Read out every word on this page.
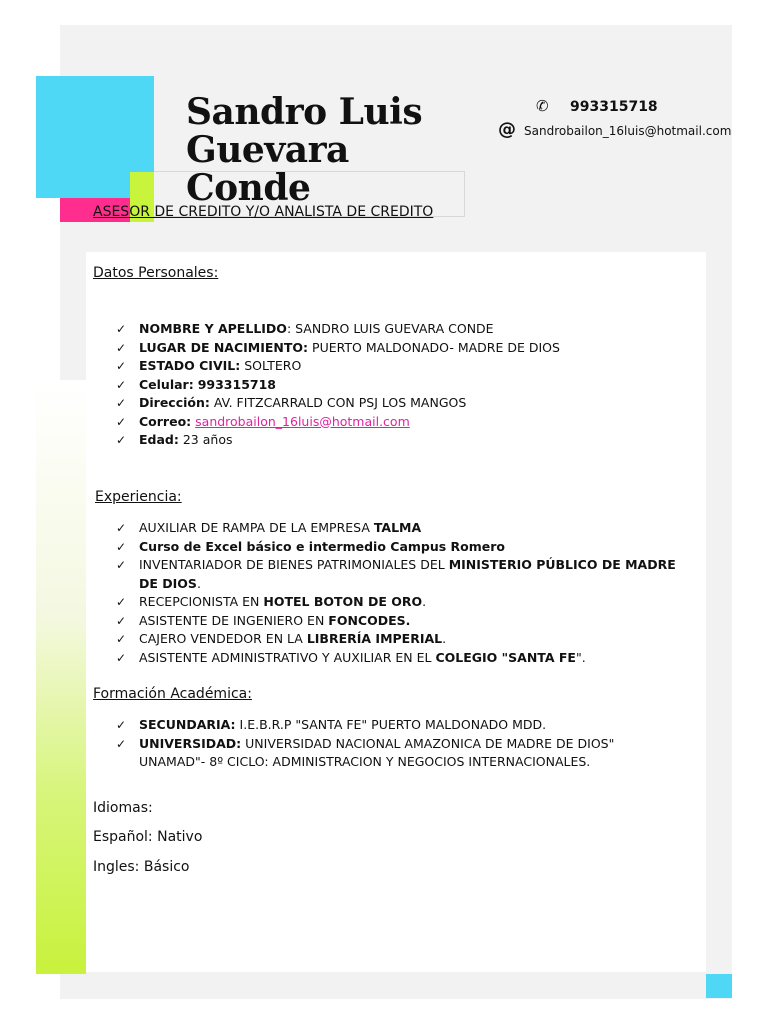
Sandro Luis
Guevara
Conde
✆ 993315718
@ Sandrobailon_16luis@hotmail.com
ASESOR DE CREDITO Y/O ANALISTA DE CREDITO
Datos Personales:
✓ NOMBRE Y APELLIDO: SANDRO LUIS GUEVARA CONDE
✓ LUGAR DE NACIMIENTO: PUERTO MALDONADO- MADRE DE DIOS
✓ ESTADO CIVIL: SOLTERO
✓ Celular: 993315718
✓ Dirección: AV. FITZCARRALD CON PSJ LOS MANGOS
✓ Correo: sandrobailon_16luis@hotmail.com
✓ Edad: 23 años
Experiencia:
✓ AUXILIAR DE RAMPA DE LA EMPRESA TALMA
✓ Curso de Excel básico e intermedio Campus Romero
✓ INVENTARIADOR DE BIENES PATRIMONIALES DEL MINISTERIO PÚBLICO DE MADRE DE DIOS.
✓ RECEPCIONISTA EN HOTEL BOTON DE ORO.
✓ ASISTENTE DE INGENIERO EN FONCODES.
✓ CAJERO VENDEDOR EN LA LIBRERÍA IMPERIAL.
✓ ASISTENTE ADMINISTRATIVO Y AUXILIAR EN EL COLEGIO "SANTA FE".
Formación Académica:
✓ SECUNDARIA: I.E.B.R.P "SANTA FE" PUERTO MALDONADO MDD.
✓ UNIVERSIDAD: UNIVERSIDAD NACIONAL AMAZONICA DE MADRE DE DIOS" UNAMAD"- 8º CICLO: ADMINISTRACION Y NEGOCIOS INTERNACIONALES.
Idiomas:
Español: Nativo
Ingles: Básico
